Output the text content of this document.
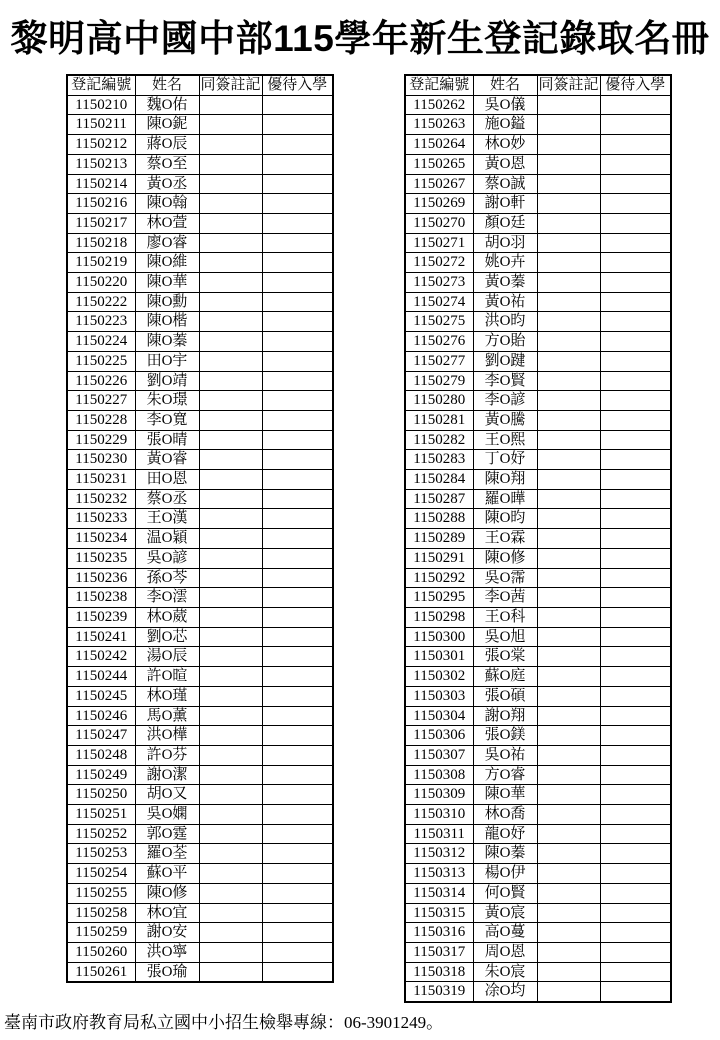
黎明高中國中部115學年新生登記錄取名冊
登記編號	姓名	同簽註記	優待入學
1150210	魏O佑		
1150211	陳O鈮		
1150212	蔣O辰		
1150213	蔡O至		
1150214	黃O丞		
1150216	陳O翰		
1150217	林O萱		
1150218	廖O睿		
1150219	陳O維		
1150220	陳O華		
1150222	陳O勳		
1150223	陳O楷		
1150224	陳O蓁		
1150225	田O宇		
1150226	劉O靖		
1150227	朱O璟		
1150228	李O寬		
1150229	張O晴		
1150230	黃O睿		
1150231	田O恩		
1150232	蔡O丞		
1150233	王O漢		
1150234	温O穎		
1150235	吳O諺		
1150236	孫O芩		
1150238	李O澐		
1150239	林O葳		
1150241	劉O芯		
1150242	湯O辰		
1150244	許O暄		
1150245	林O瑾		
1150246	馬O薰		
1150247	洪O樺		
1150248	許O芬		
1150249	謝O潔		
1150250	胡O又		
1150251	吳O嫻		
1150252	郭O霆		
1150253	羅O荃		
1150254	蘇O平		
1150255	陳O修		
1150258	林O宜		
1150259	謝O安		
1150260	洪O寧		
1150261	張O瑜		
登記編號	姓名	同簽註記	優待入學
1150262	吳O儀		
1150263	施O鎰		
1150264	林O妙		
1150265	黃O恩		
1150267	蔡O誠		
1150269	謝O軒		
1150270	顏O廷		
1150271	胡O羽		
1150272	姚O卉		
1150273	黃O蓁		
1150274	黃O祐		
1150275	洪O昀		
1150276	方O貽		
1150277	劉O踺		
1150279	李O賢		
1150280	李O諺		
1150281	黃O騰		
1150282	王O熙		
1150283	丁O妤		
1150284	陳O翔		
1150287	羅O曄		
1150288	陳O昀		
1150289	王O霖		
1150291	陳O修		
1150292	吳O霈		
1150295	李O茜		
1150298	王O科		
1150300	吳O旭		
1150301	張O棠		
1150302	蘇O庭		
1150303	張O碩		
1150304	謝O翔		
1150306	張O鎂		
1150307	吳O祐		
1150308	方O睿		
1150309	陳O華		
1150310	林O喬		
1150311	龍O妤		
1150312	陳O蓁		
1150313	楊O伊		
1150314	何O賢		
1150315	黃O宸		
1150316	高O蔓		
1150317	周O恩		
1150318	朱O宸		
1150319	凃O均		
臺南市政府教育局私立國中小招生檢舉專線：06-3901249。
